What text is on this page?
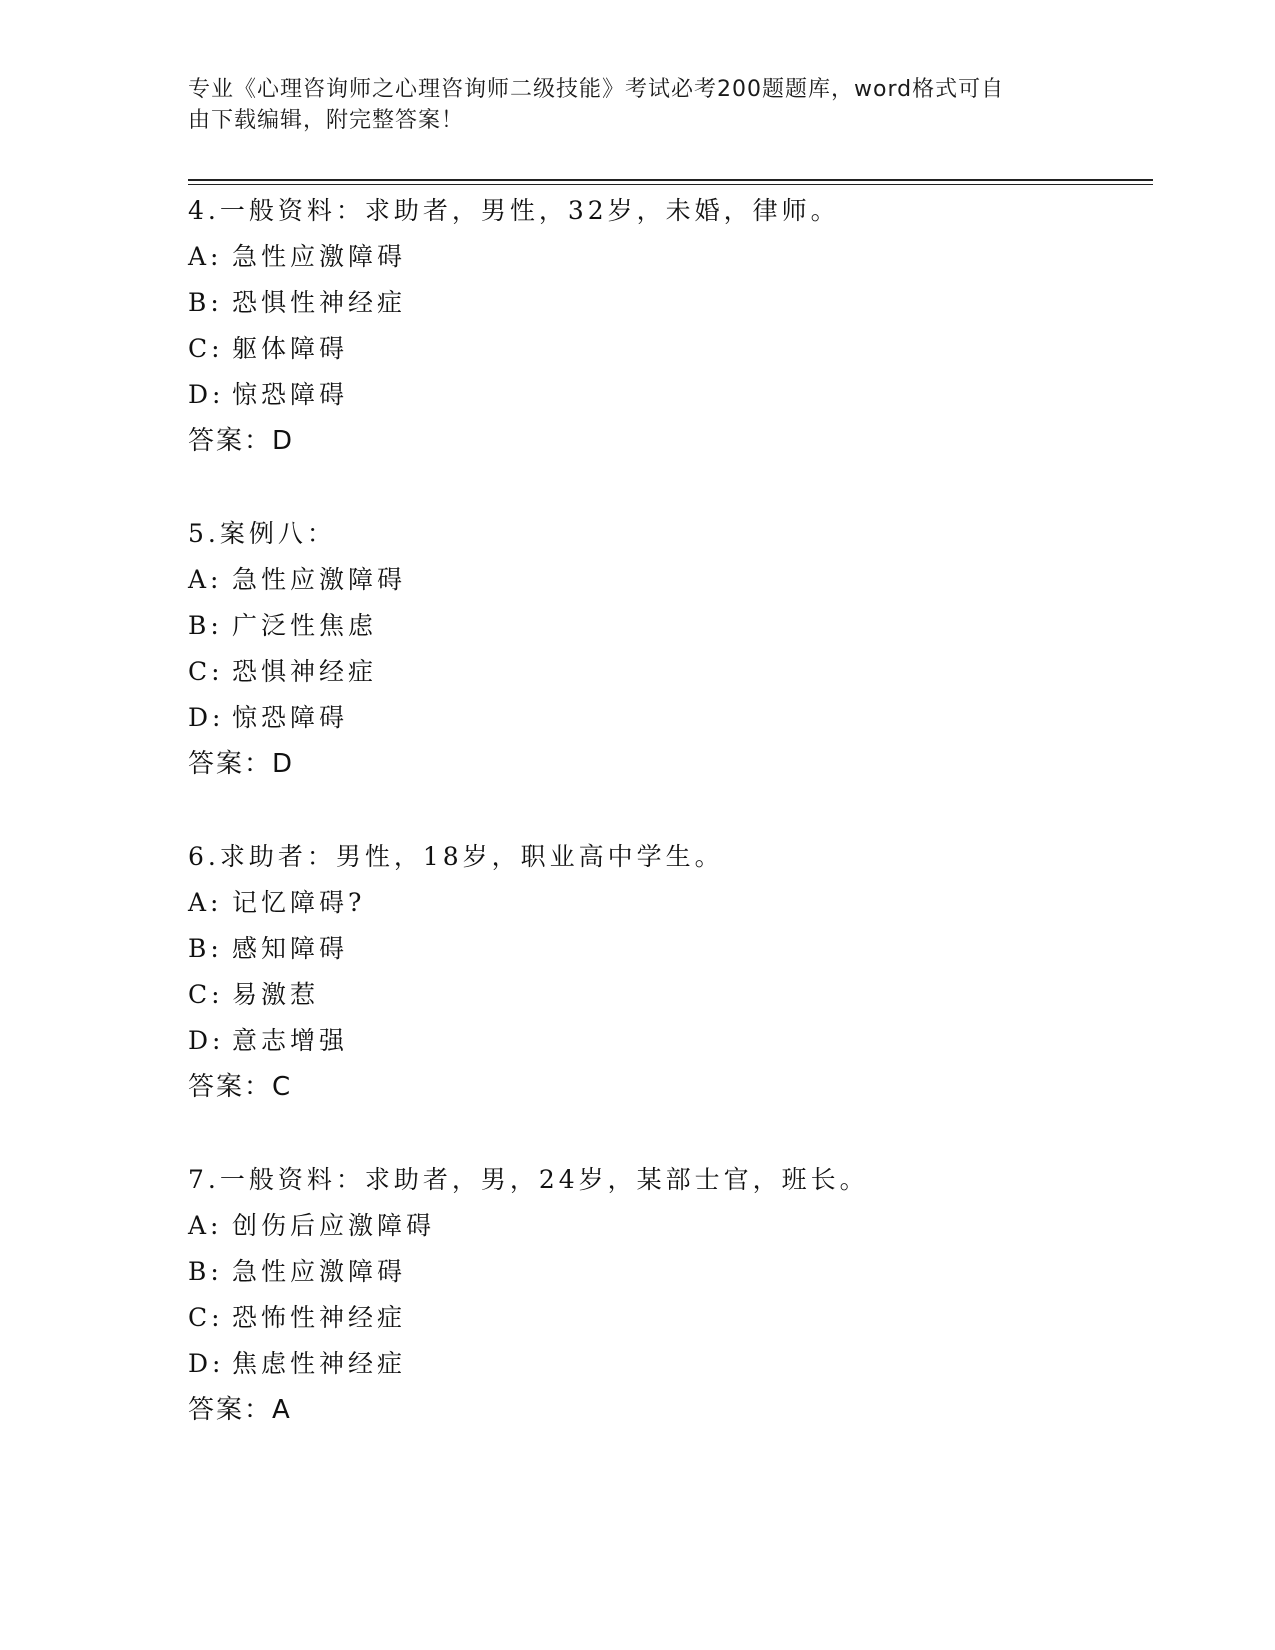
专业《心理咨询师之心理咨询师二级技能》考试必考200题题库，word格式可自
由下载编辑，附完整答案！
4.一般资料：求助者，男性，32岁，未婚，律师。
A: 急性应激障碍
B: 恐惧性神经症
C: 躯体障碍
D: 惊恐障碍
答案：D
5.案例八：
A: 急性应激障碍
B: 广泛性焦虑
C: 恐惧神经症
D: 惊恐障碍
答案：D
6.求助者：男性，18岁，职业高中学生。
A: 记忆障碍?
B: 感知障碍
C: 易激惹
D: 意志增强
答案：C
7.一般资料：求助者，男，24岁，某部士官，班长。
A: 创伤后应激障碍
B: 急性应激障碍
C: 恐怖性神经症
D: 焦虑性神经症
答案：A
